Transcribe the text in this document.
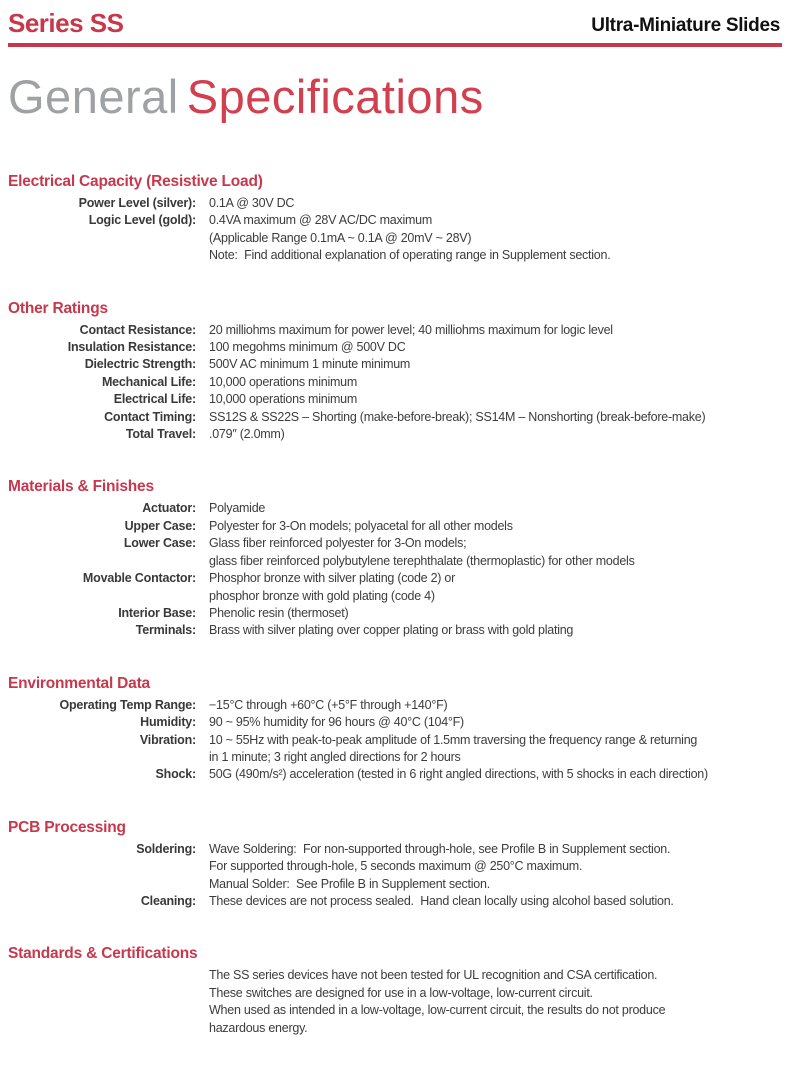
Series SS	Ultra-Miniature Slides
General Specifications
Electrical Capacity (Resistive Load)
Power Level (silver): 0.1A @ 30V DC
Logic Level (gold): 0.4VA maximum @ 28V AC/DC maximum
(Applicable Range 0.1mA ~ 0.1A @ 20mV ~ 28V)
Note:  Find additional explanation of operating range in Supplement section.
Other Ratings
Contact Resistance: 20 milliohms maximum for power level; 40 milliohms maximum for logic level
Insulation Resistance: 100 megohms minimum @ 500V DC
Dielectric Strength: 500V AC minimum 1 minute minimum
Mechanical Life: 10,000 operations minimum
Electrical Life: 10,000 operations minimum
Contact Timing: SS12S & SS22S – Shorting (make-before-break); SS14M – Nonshorting (break-before-make)
Total Travel: .079″ (2.0mm)
Materials & Finishes
Actuator: Polyamide
Upper Case: Polyester for 3-On models; polyacetal for all other models
Lower Case: Glass fiber reinforced polyester for 3-On models;
glass fiber reinforced polybutylene terephthalate (thermoplastic) for other models
Movable Contactor: Phosphor bronze with silver plating (code 2) or
phosphor bronze with gold plating (code 4)
Interior Base: Phenolic resin (thermoset)
Terminals: Brass with silver plating over copper plating or brass with gold plating
Environmental Data
Operating Temp Range: −15°C through +60°C (+5°F through +140°F)
Humidity: 90 ~ 95% humidity for 96 hours @ 40°C (104°F)
Vibration: 10 ~ 55Hz with peak-to-peak amplitude of 1.5mm traversing the frequency range & returning
in 1 minute; 3 right angled directions for 2 hours
Shock: 50G (490m/s²) acceleration (tested in 6 right angled directions, with 5 shocks in each direction)
PCB Processing
Soldering: Wave Soldering:  For non-supported through-hole, see Profile B in Supplement section.
For supported through-hole, 5 seconds maximum @ 250°C maximum.
Manual Solder:  See Profile B in Supplement section.
Cleaning: These devices are not process sealed.  Hand clean locally using alcohol based solution.
Standards & Certifications
The SS series devices have not been tested for UL recognition and CSA certification.
These switches are designed for use in a low-voltage, low-current circuit.
When used as intended in a low-voltage, low-current circuit, the results do not produce
hazardous energy.
